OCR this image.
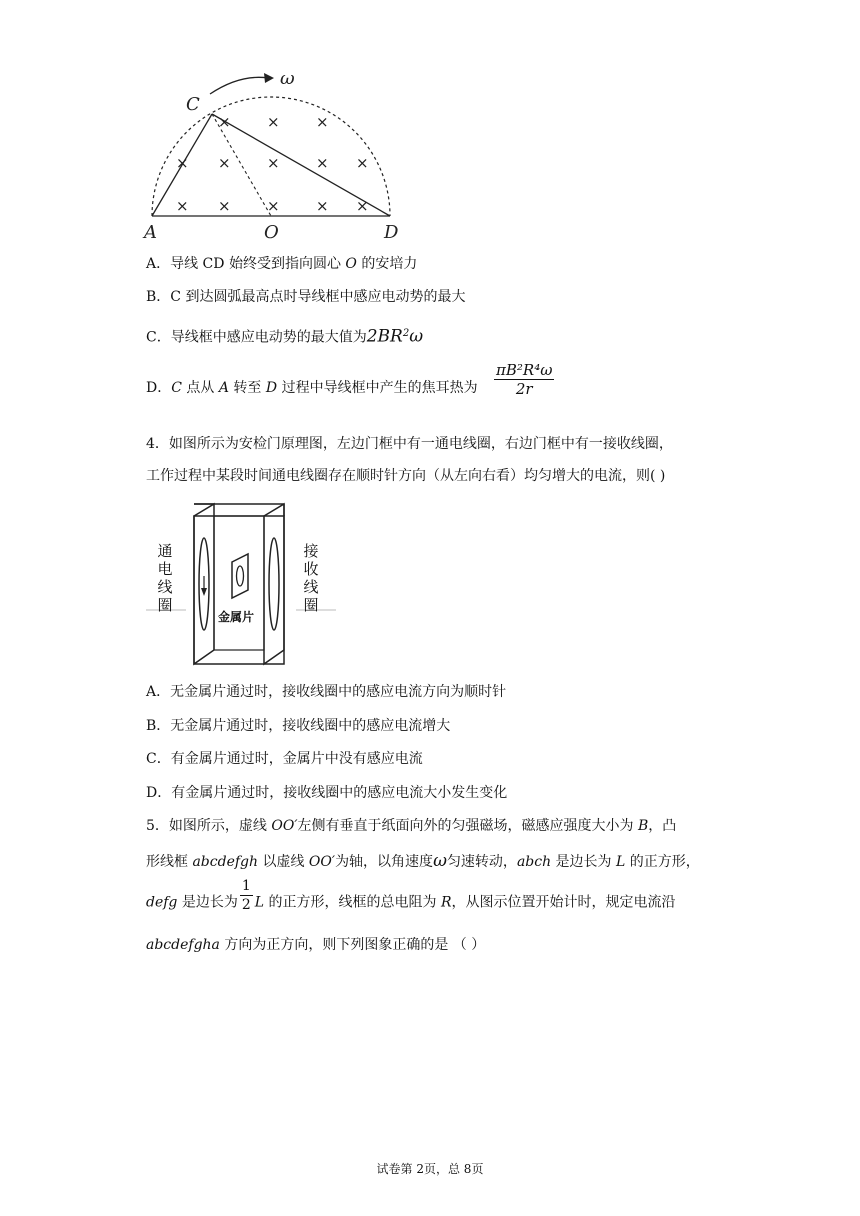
× × ×
× × × × ×
× × × × ×
C
ω
A	O	D
A．导线 CD 始终受到指向圆心 O 的安培力
B．C 到达圆弧最高点时导线框中感应电动势的最大
C．导线框中感应电动势的最大值为$2BR^2\omega$
D．C 点从 A 转至 D 过程中导线框中产生的焦耳热为 $\frac{\text{πB²R⁴ω}}{2r}$
4．如图所示为安检门原理图，左边门框中有一通电线圈，右边门框中有一接收线圈，
工作过程中某段时间通电线圈存在顺时针方向（从左向右看）均匀增大的电流，则( )
通
电
线
圈
接
收
线
圈
金属片
A．无金属片通过时，接收线圈中的感应电流方向为顺时针
B．无金属片通过时，接收线圈中的感应电流增大
C．有金属片通过时，金属片中没有感应电流
D．有金属片通过时，接收线圈中的感应电流大小发生变化
5．如图所示，虚线 OO′左侧有垂直于纸面向外的匀强磁场，磁感应强度大小为 B，凸
形线框 abcdefgh 以虚线 OO′为轴，以角速度ω匀速转动，abch 是边长为 L 的正方形，
defg 是边长为 $\frac{1}{2}$ L 的正方形，线框的总电阻为 R，从图示位置开始计时，规定电流沿
abcdefgha 方向为正方向，则下列图象正确的是 （ ）
试卷第 2页，总 8页
